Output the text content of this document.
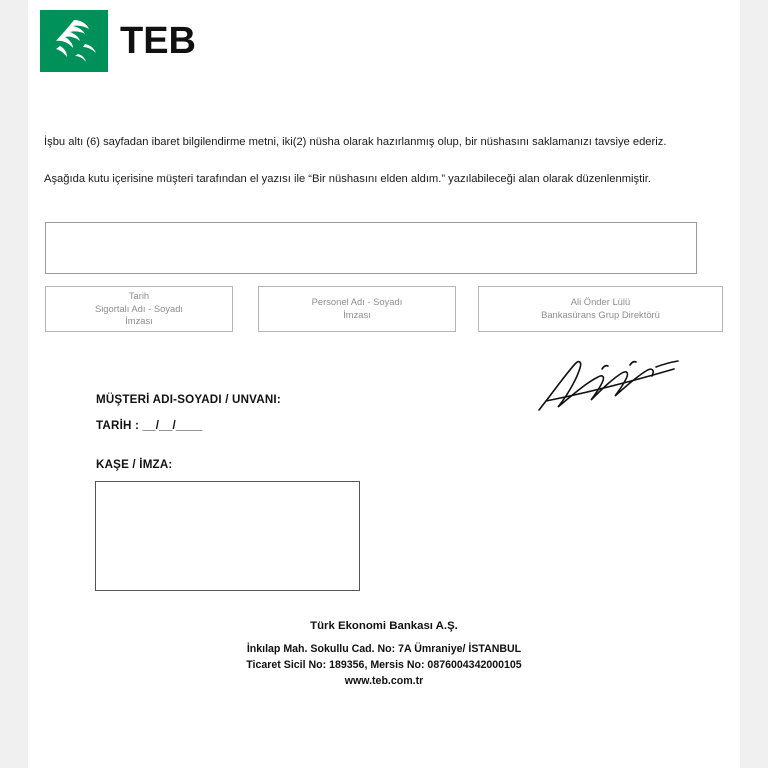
TEB
İşbu altı (6) sayfadan ibaret bilgilendirme metni, iki(2) nüsha olarak hazırlanmış olup, bir nüshasını saklamanızı tavsiye ederiz.
Aşağıda kutu içerisine müşteri tarafından el yazısı ile “Bir nüshasını elden aldım.” yazılabileceği alan olarak düzenlenmiştir.
Tarih
Sigortalı Adı - Soyadı
İmzası
Personel Adı - Soyadı
İmzası
Ali Önder Lülü
Bankasürans Grup Direktörü
MÜŞTERİ ADI-SOYADI / UNVANI:
TARİH : __/__/____
KAŞE / İMZA:
Türk Ekonomi Bankası A.Ş.
İnkılap Mah. Sokullu Cad. No: 7A Ümraniye/ İSTANBUL
Ticaret Sicil No: 189356, Mersis No: 0876004342000105
www.teb.com.tr
